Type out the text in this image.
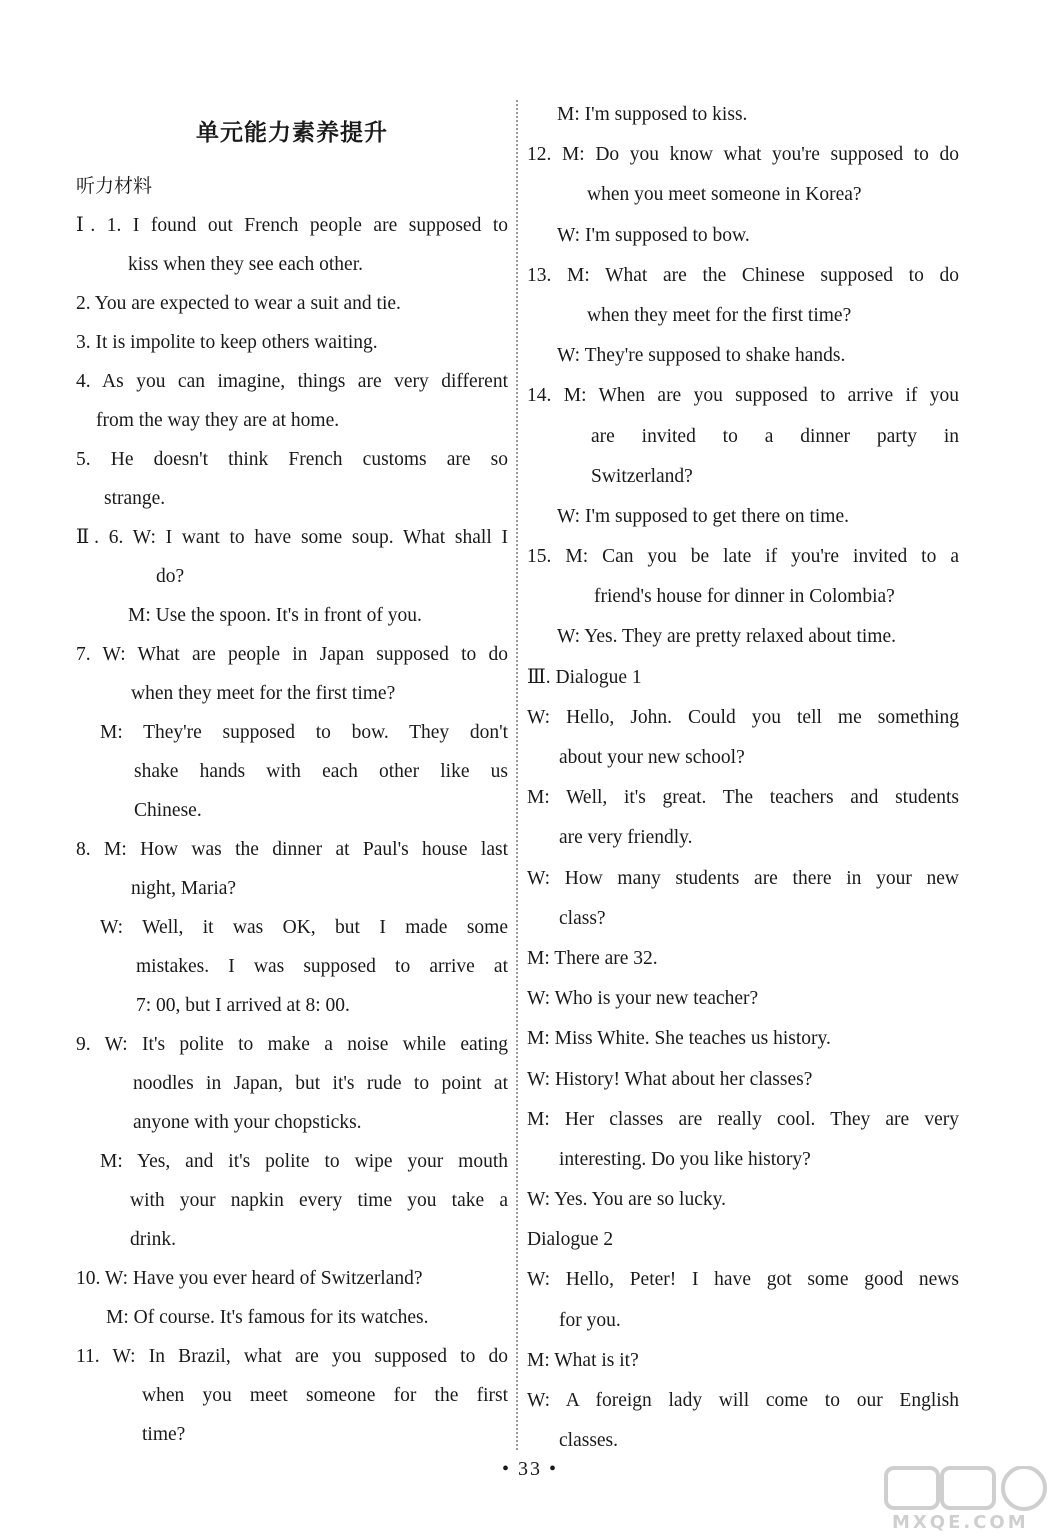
单元能力素养提升
听力材料
Ⅰ. 1. I found out French people are supposed to
kiss when they see each other.
2. You are expected to wear a suit and tie.
3. It is impolite to keep others waiting.
4. As you can imagine, things are very different
from the way they are at home.
5. He doesn't think French customs are so
strange.
Ⅱ. 6. W: I want to have some soup. What shall I
do?
M: Use the spoon. It's in front of you.
7. W: What are people in Japan supposed to do
when they meet for the first time?
M: They're supposed to bow. They don't
shake hands with each other like us
Chinese.
8. M: How was the dinner at Paul's house last
night, Maria?
W: Well, it was OK, but I made some
mistakes. I was supposed to arrive at
7: 00, but I arrived at 8: 00.
9. W: It's polite to make a noise while eating
noodles in Japan, but it's rude to point at
anyone with your chopsticks.
M: Yes, and it's polite to wipe your mouth
with your napkin every time you take a
drink.
10. W: Have you ever heard of Switzerland?
M: Of course. It's famous for its watches.
11. W: In Brazil, what are you supposed to do
when you meet someone for the first
time?
M: I'm supposed to kiss.
12. M: Do you know what you're supposed to do
when you meet someone in Korea?
W: I'm supposed to bow.
13. M: What are the Chinese supposed to do
when they meet for the first time?
W: They're supposed to shake hands.
14. M: When are you supposed to arrive if you
are invited to a dinner party in
Switzerland?
W: I'm supposed to get there on time.
15. M: Can you be late if you're invited to a
friend's house for dinner in Colombia?
W: Yes. They are pretty relaxed about time.
Ⅲ. Dialogue 1
W: Hello, John. Could you tell me something
about your new school?
M: Well, it's great. The teachers and students
are very friendly.
W: How many students are there in your new
class?
M: There are 32.
W: Who is your new teacher?
M: Miss White. She teaches us history.
W: History! What about her classes?
M: Her classes are really cool. They are very
interesting. Do you like history?
W: Yes. You are so lucky.
Dialogue 2
W: Hello, Peter! I have got some good news
for you.
M: What is it?
W: A foreign lady will come to our English
classes.
• 33 •
MXQE.COM
